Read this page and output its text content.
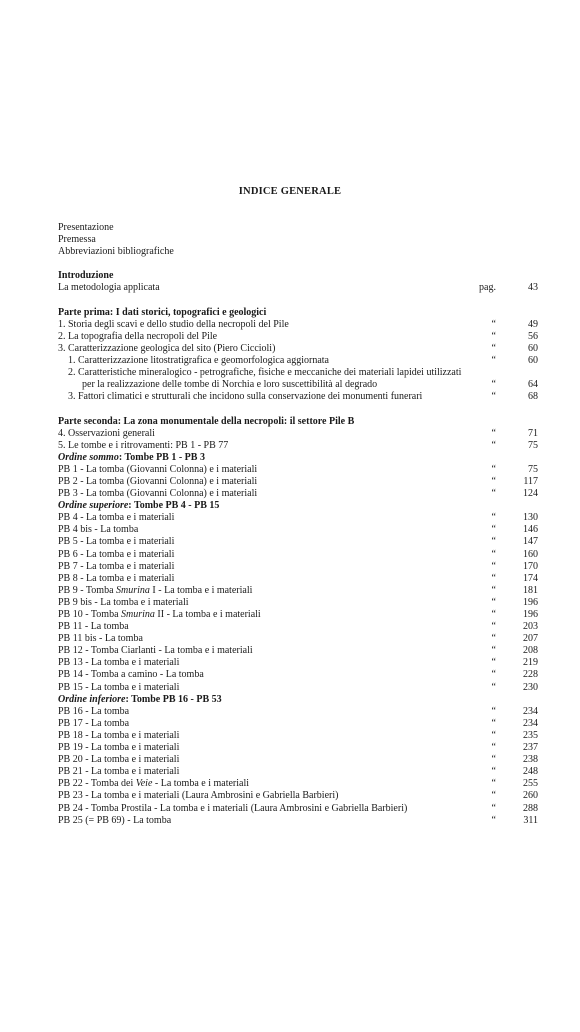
INDICE GENERALE
Presentazione
Premessa
Abbreviazioni bibliografiche
Introduzione
La metodologia applicata	pag.	43
Parte prima: I dati storici, topografici e geologici
1. Storia degli scavi e dello studio della necropoli del Pile	“	49
2. La topografia della necropoli del Pile	“	56
3. Caratterizzazione geologica del sito (Piero Ciccioli)	“	60
1. Caratterizzazione litostratigrafica e geomorfologica aggiornata	“	60
2. Caratteristiche mineralogico - petrografiche, fisiche e meccaniche dei materiali lapidei utilizzati
per la realizzazione delle tombe di Norchia e loro suscettibilità al degrado	“	64
3. Fattori climatici e strutturali che incidono sulla conservazione dei monumenti funerari	“	68
Parte seconda: La zona monumentale della necropoli: il settore Pile B
4. Osservazioni generali	“	71
5. Le tombe e i ritrovamenti: PB 1 - PB 77	“	75
Ordine sommo: Tombe PB 1 - PB 3
PB 1 - La tomba (Giovanni Colonna) e i materiali	“	75
PB 2 - La tomba (Giovanni Colonna) e i materiali	“	117
PB 3 - La tomba (Giovanni Colonna) e i materiali	“	124
Ordine superiore: Tombe PB 4 - PB 15
PB 4 - La tomba e i materiali	“	130
PB 4 bis - La tomba	“	146
PB 5 - La tomba e i materiali	“	147
PB 6 - La tomba e i materiali	“	160
PB 7 - La tomba e i materiali	“	170
PB 8 - La tomba e i materiali	“	174
PB 9 - Tomba Smurina I - La tomba e i materiali	“	181
PB 9 bis - La tomba e i materiali	“	196
PB 10 - Tomba Smurina II - La tomba e i materiali	“	196
PB 11 - La tomba	“	203
PB 11 bis - La tomba	“	207
PB 12 - Tomba Ciarlanti - La tomba e i materiali	“	208
PB 13 - La tomba e i materiali	“	219
PB 14 - Tomba a camino - La tomba	“	228
PB 15 - La tomba e i materiali	“	230
Ordine inferiore: Tombe PB 16 - PB 53
PB 16 - La tomba	“	234
PB 17 - La tomba	“	234
PB 18 - La tomba e i materiali	“	235
PB 19 - La tomba e i materiali	“	237
PB 20 - La tomba e i materiali	“	238
PB 21 - La tomba e i materiali	“	248
PB 22 - Tomba dei Veie - La tomba e i materiali	“	255
PB 23 - La tomba e i materiali (Laura Ambrosini e Gabriella Barbieri)	“	260
PB 24 - Tomba Prostila - La tomba e i materiali (Laura Ambrosini e Gabriella Barbieri)	“	288
PB 25 (= PB 69) - La tomba	“	311
